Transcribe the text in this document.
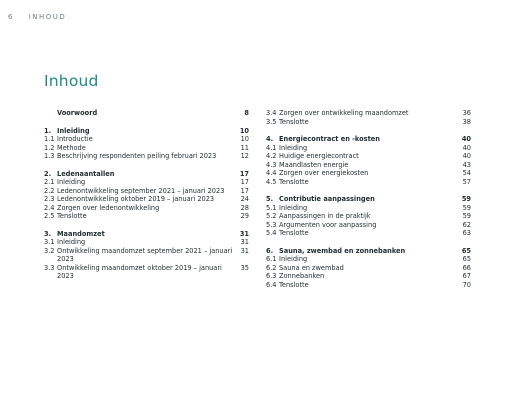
6 INHOUD
Inhoud
Voorwoord	8
1. Inleiding	10
1.1 Introductie	10
1.2 Methode	11
1.3 Beschrijving respondenten peiling februari 2023	12
2. Ledenaantallen	17
2.1 Inleiding	17
2.2 Ledenontwikkeling september 2021 – januari 2023	17
2.3 Ledenontwikkeling oktober 2019 – januari 2023	24
2.4 Zorgen over ledenontwikkeling	28
2.5 Tenslotte	29
3. Maandomzet	31
3.1 Inleiding	31
3.2 Ontwikkeling maandomzet september 2021 – januari 2023
31
3.3 Ontwikkeling maandomzet oktober 2019 – januari 2023
35
3.4 Zorgen over ontwikkeling maandomzet	36
3.5 Tenslotte	38
4. Energiecontract en -kosten	40
4.1 Inleiding	40
4.2 Huidige energiecontract	40
4.3 Maandlasten energie	43
4.4 Zorgen over energiekosten	54
4.5 Tenslotte	57
5. Contributie aanpassingen	59
5.1 Inleiding	59
5.2 Aanpassingen in de praktijk	59
5.3 Argumenten voor aanpassing	62
5.4 Tenslotte	63
6. Sauna, zwembad en zonnebanken	65
6.1 Inleiding	65
6.2 Sauna en zwembad	66
6.3 Zonnebanken	67
6.4 Tenslotte	70
